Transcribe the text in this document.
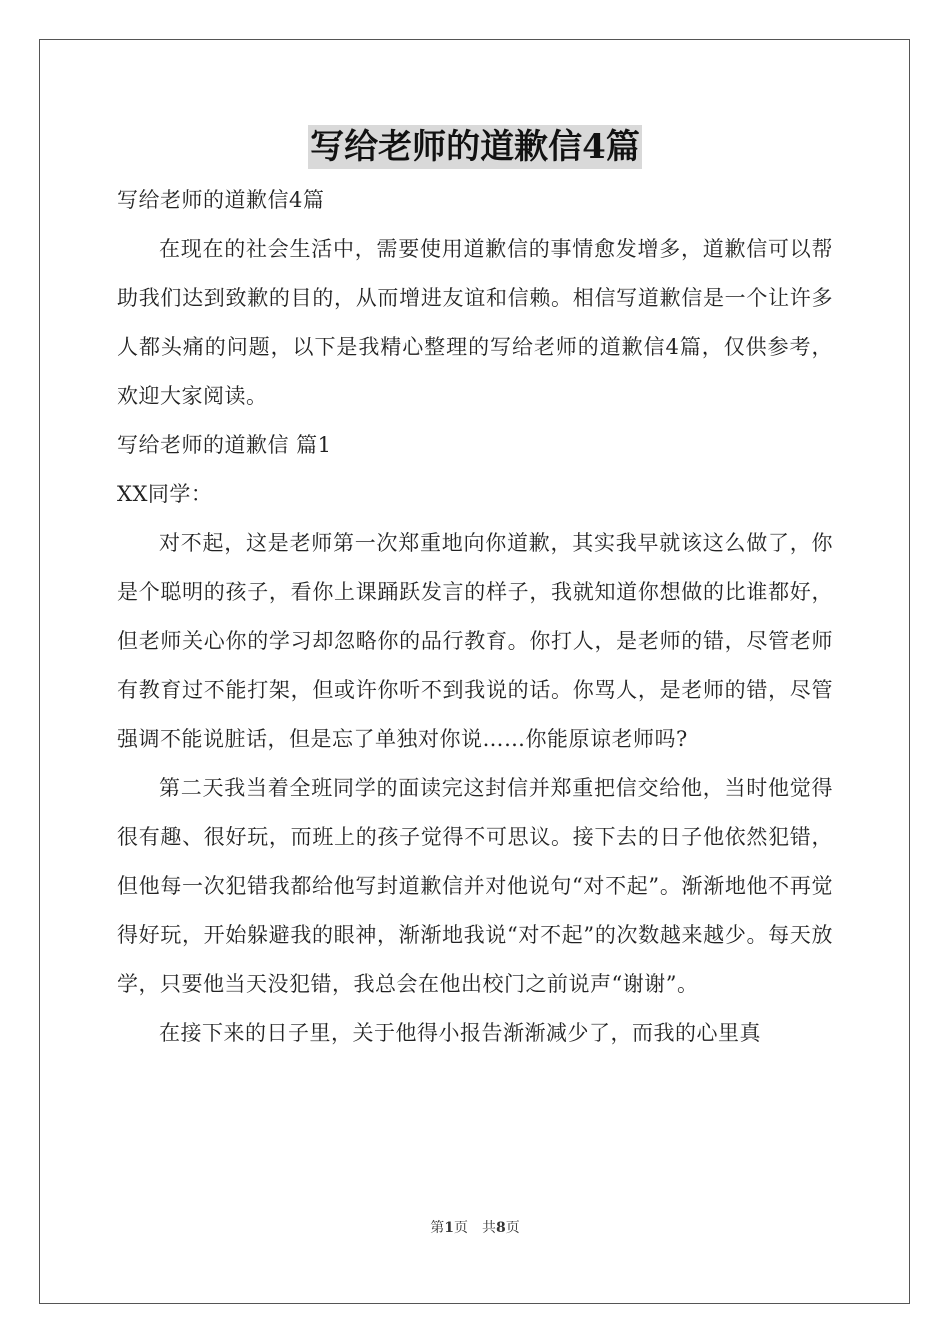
写给老师的道歉信4篇

写给老师的道歉信4篇

在现在的社会生活中，需要使用道歉信的事情愈发增多，道歉信可以帮助我们达到致歉的目的，从而增进友谊和信赖。相信写道歉信是一个让许多人都头痛的问题，以下是我精心整理的写给老师的道歉信4篇，仅供参考，欢迎大家阅读。

写给老师的道歉信 篇1

XX同学：

对不起，这是老师第一次郑重地向你道歉，其实我早就该这么做了，你是个聪明的孩子，看你上课踊跃发言的样子，我就知道你想做的比谁都好，但老师关心你的学习却忽略你的品行教育。你打人，是老师的错，尽管老师有教育过不能打架，但或许你听不到我说的话。你骂人，是老师的错，尽管强调不能说脏话，但是忘了单独对你说……你能原谅老师吗?

第二天我当着全班同学的面读完这封信并郑重把信交给他，当时他觉得很有趣、很好玩，而班上的孩子觉得不可思议。接下去的日子他依然犯错，但他每一次犯错我都给他写封道歉信并对他说句“对不起”。渐渐地他不再觉得好玩，开始躲避我的眼神，渐渐地我说“对不起”的次数越来越少。每天放学，只要他当天没犯错，我总会在他出校门之前说声“谢谢”。

在接下来的日子里，关于他得小报告渐渐减少了，而我的心里真

第1页　共8页
